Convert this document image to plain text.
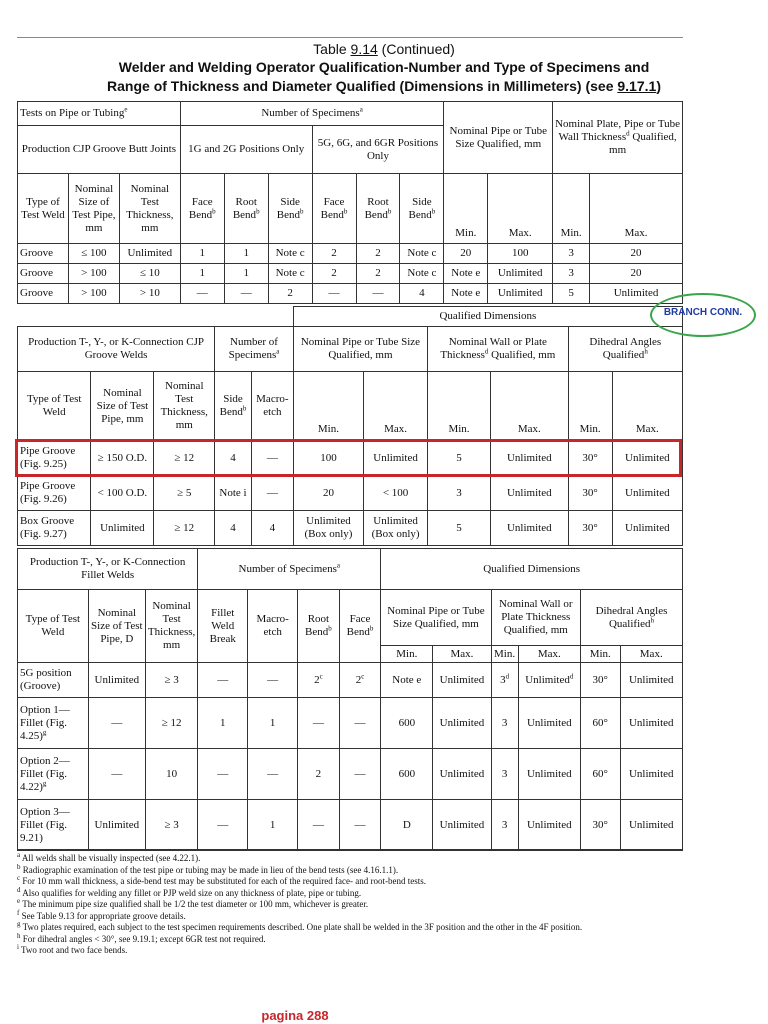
Table 9.14 (Continued)
Welder and Welding Operator Qualification-Number and Type of Specimens and
Range of Thickness and Diameter Qualified (Dimensions in Millimeters) (see 9.17.1)
Tests on Pipe or Tubing$^e$			Number of Specimens$^a$						Nominal Pipe or Tube Size Qualified, mm		Nominal Plate, Pipe or Tube Wall Thickness$^d$ Qualified, mm	
Production CJP Groove Butt Joints			1G and 2G Positions Only			5G, 6G, and 6GR Positions Only						
Type of Test Weld	Nominal Size of Test Pipe, mm	Nominal Test Thickness, mm	Face Bend$^b$	Root Bend$^b$	Side Bend$^b$	Face Bend$^b$	Root Bend$^b$	Side Bend$^b$	Min.	Max.	Min.	Max.
Groove	≤ 100	Unlimited	1	1	Note c	2	2	Note c	20	100	3	20
Groove	> 100	≤ 10	1	1	Note c	2	2	Note c	Note e	Unlimited	3	20
Groove	> 100	> 10	—	—	2	—	—	4	Note e	Unlimited	5	Unlimited
					Qualified Dimensions					
Production T-, Y-, or K-Connection CJP Groove Welds			Number of Specimens$^a$		Nominal Pipe or Tube Size Qualified, mm		Nominal Wall or Plate Thickness$^d$ Qualified, mm		Dihedral Angles Qualified$^h$
Type of Test Weld	Nominal Size of Test Pipe, mm	Nominal Test Thickness, mm	Side Bend$^b$	Macro- etch	Min.	Max.	Min.	Max.	Min.	Max.
Pipe Groove (Fig. 9.25)	≥ 150 O.D.	≥ 12	4	—	100	Unlimited	5	Unlimited	30°	Unlimited
Pipe Groove (Fig. 9.26)	< 100 O.D.	≥ 5	Note i	—	20	< 100	3	Unlimited	30°	Unlimited
Box Groove (Fig. 9.27)	Unlimited	≥ 12	4	4	Unlimited (Box only)	Unlimited (Box only)	5	Unlimited	30°	Unlimited
Production T-, Y-, or K-Connection Fillet Welds			Number of Specimens$^a$				Qualified Dimensions					
Type of Test Weld	Nominal Size of Test Pipe, D	Nominal Test Thickness, mm	Fillet Weld Break	Macro- etch	Root Bend$^b$	Face Bend$^b$	Nominal Pipe or Tube Size Qualified, mm		Nominal Wall or Plate Thickness Qualified, mm		Dihedral Angles Qualified$^h$
							Min.	Max.	Min.	Max.	Min.	Max.
5G position (Groove)	Unlimited	≥ 3	—	—	2$^c$	2$^c$	Note e	Unlimited	3$^d$	Unlimited$^d$	30°	Unlimited
Option 1— Fillet (Fig. 4.25)$^g$	—	≥ 12	1	1	—	—	600	Unlimited	3	Unlimited	60°	Unlimited
Option 2— Fillet (Fig. 4.22)$^g$	—	10	—	—	2	—	600	Unlimited	3	Unlimited	60°	Unlimited
Option 3— Fillet (Fig. 9.21)	Unlimited	≥ 3	—	1	—	—	D	Unlimited	3	Unlimited	30°	Unlimited
$^a$ All welds shall be visually inspected (see 4.22.1).
$^b$ Radiographic examination of the test pipe or tubing may be made in lieu of the bend tests (see 4.16.1.1).
$^c$ For 10 mm wall thickness, a side-bend test may be substituted for each of the required face- and root-bend tests.
$^d$ Also qualifies for welding any fillet or PJP weld size on any thickness of plate, pipe or tubing.
$^e$ The minimum pipe size qualified shall be 1/2 the test diameter or 100 mm, whichever is greater.
$^f$ See Table 9.13 for appropriate groove details.
$^g$ Two plates required, each subject to the test specimen requirements described. One plate shall be welded in the 3F position and the other in the 4F position.
$^h$ For dihedral angles < 30°, see 9.19.1; except 6GR test not required.
$^i$ Two root and two face bends.
BRANCH CONN.
pagina 288
